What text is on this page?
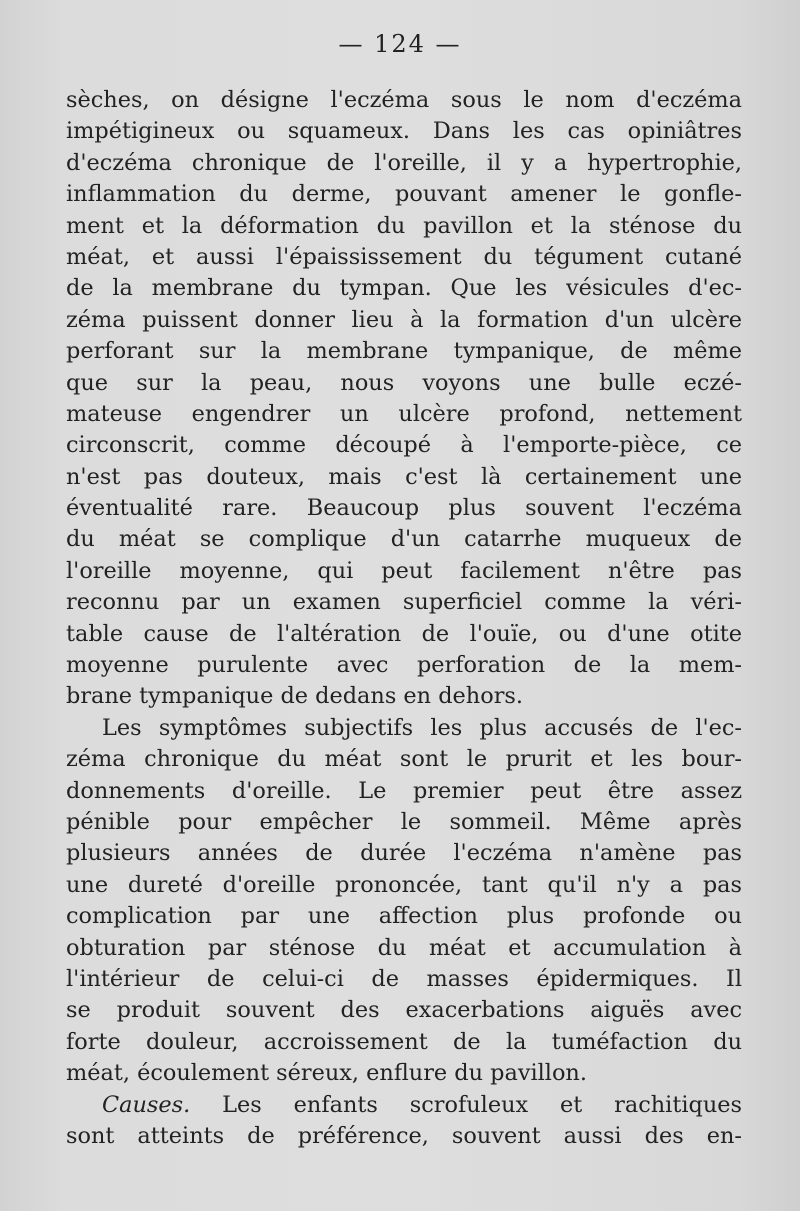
— 124 —
sèches, on désigne l'eczéma sous le nom d'eczéma
impétigineux ou squameux. Dans les cas opiniâtres
d'eczéma chronique de l'oreille, il y a hypertrophie,
inflammation du derme, pouvant amener le gonfle-
ment et la déformation du pavillon et la sténose du
méat, et aussi l'épaississement du tégument cutané
de la membrane du tympan. Que les vésicules d'ec-
zéma puissent donner lieu à la formation d'un ulcère
perforant sur la membrane tympanique, de même
que sur la peau, nous voyons une bulle eczé-
mateuse engendrer un ulcère profond, nettement
circonscrit, comme découpé à l'emporte-pièce, ce
n'est pas douteux, mais c'est là certainement une
éventualité rare. Beaucoup plus souvent l'eczéma
du méat se complique d'un catarrhe muqueux de
l'oreille moyenne, qui peut facilement n'être pas
reconnu par un examen superficiel comme la véri-
table cause de l'altération de l'ouïe, ou d'une otite
moyenne purulente avec perforation de la mem-
brane tympanique de dedans en dehors.
Les symptômes subjectifs les plus accusés de l'ec-
zéma chronique du méat sont le prurit et les bour-
donnements d'oreille. Le premier peut être assez
pénible pour empêcher le sommeil. Même après
plusieurs années de durée l'eczéma n'amène pas
une dureté d'oreille prononcée, tant qu'il n'y a pas
complication par une affection plus profonde ou
obturation par sténose du méat et accumulation à
l'intérieur de celui-ci de masses épidermiques. Il
se produit souvent des exacerbations aiguës avec
forte douleur, accroissement de la tuméfaction du
méat, écoulement séreux, enflure du pavillon.
Causes. Les enfants scrofuleux et rachitiques
sont atteints de préférence, souvent aussi des en-
